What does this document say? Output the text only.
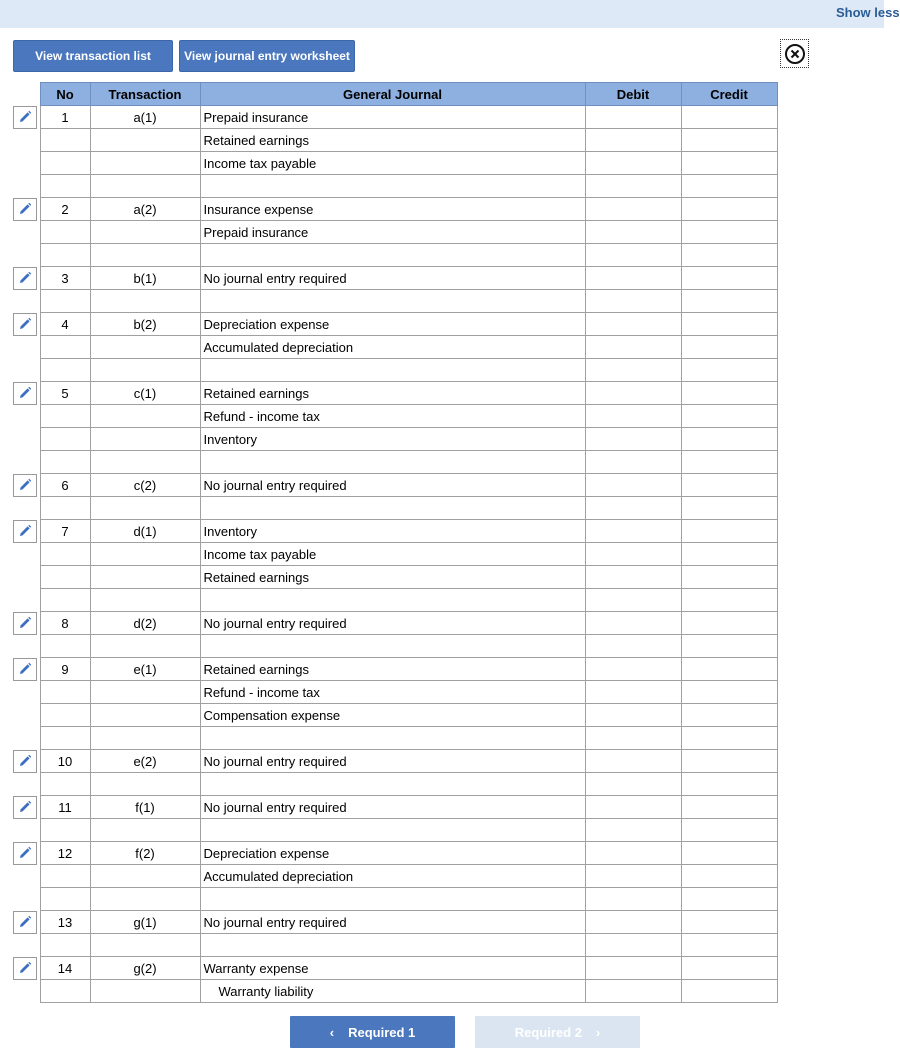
Show less
View transaction list	View journal entry worksheet
	No	Transaction	General Journal	Debit	Credit

	1	a(1)	Prepaid insurance		
			Retained earnings		
			Income tax payable		

	2	a(2)	Insurance expense		
			Prepaid insurance		

	3	b(1)	No journal entry required		

	4	b(2)	Depreciation expense		
			Accumulated depreciation		

	5	c(1)	Retained earnings		
			Refund - income tax		
			Inventory		

	6	c(2)	No journal entry required		

	7	d(1)	Inventory		
			Income tax payable		
			Retained earnings		

	8	d(2)	No journal entry required		

	9	e(1)	Retained earnings		
			Refund - income tax		
			Compensation expense		

	10	e(2)	No journal entry required		

	11	f(1)	No journal entry required		

	12	f(2)	Depreciation expense		
			Accumulated depreciation		

	13	g(1)	No journal entry required		

	14	g(2)	Warranty expense		
			Warranty liability		
‹ Required 1	Required 2 ›
